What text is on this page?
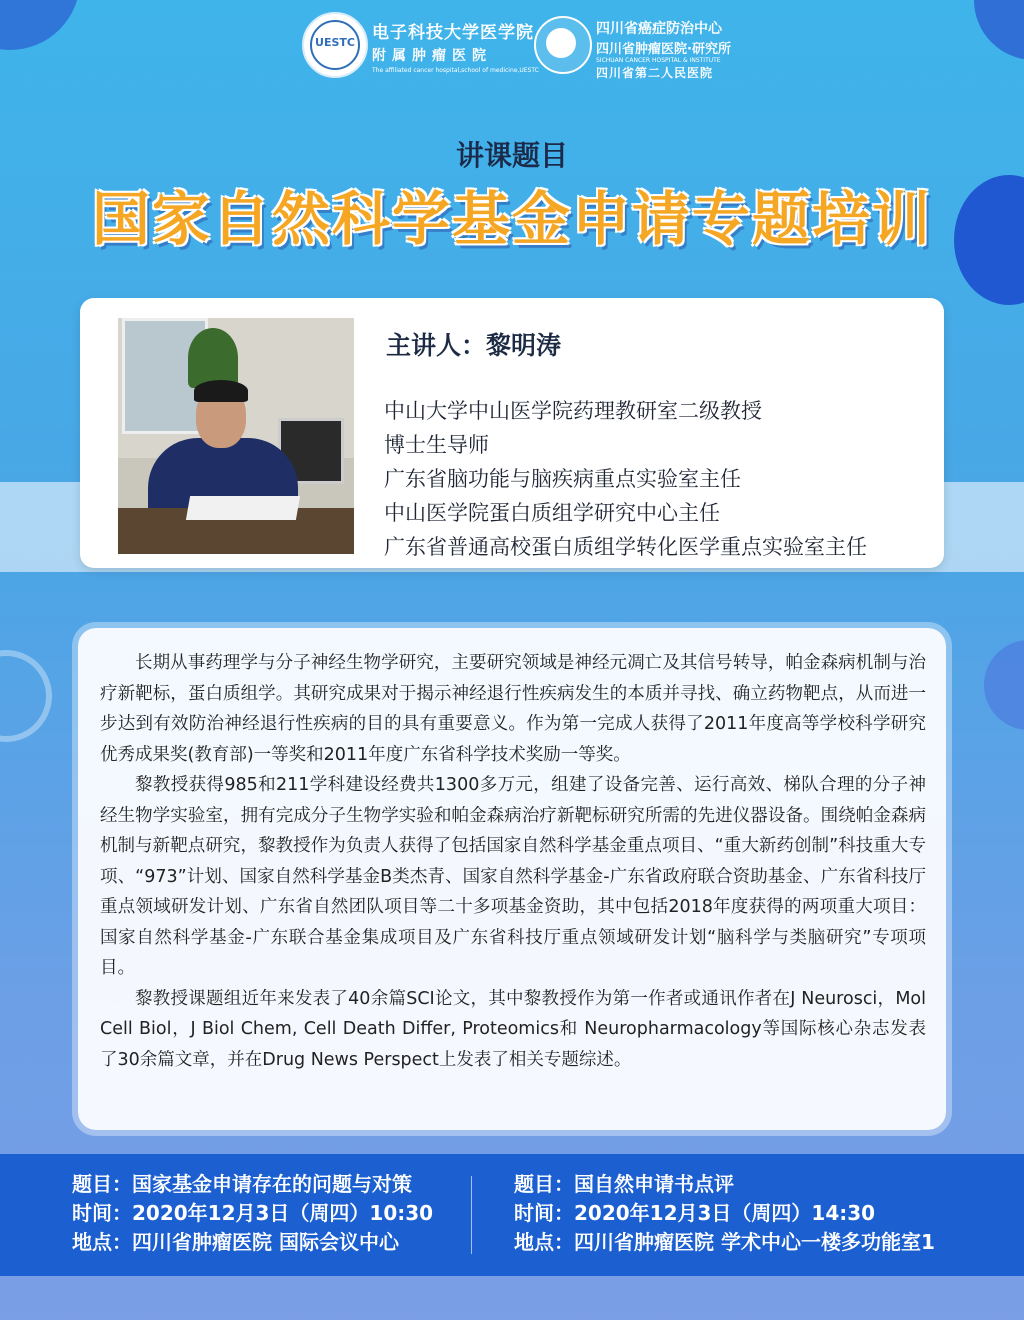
UESTC	电子科技大学医学院
附属肿瘤医院
The affiliated cancer hospital,school of medicine,UESTC
四川省癌症防治中心
四川省肿瘤医院·研究所
SICHUAN CANCER HOSPITAL & INSTITUTE
四川省第二人民医院
讲课题目
国家自然科学基金申请专题培训
主讲人：黎明涛
中山大学中山医学院药理教研室二级教授
博士生导师
广东省脑功能与脑疾病重点实验室主任
中山医学院蛋白质组学研究中心主任
广东省普通高校蛋白质组学转化医学重点实验室主任

长期从事药理学与分子神经生物学研究，主要研究领域是神经元凋亡及其信号转导，帕金森病机制与治疗新靶标，蛋白质组学。其研究成果对于揭示神经退行性疾病发生的本质并寻找、确立药物靶点，从而进一步达到有效防治神经退行性疾病的目的具有重要意义。作为第一完成人获得了2011年度高等学校科学研究优秀成果奖(教育部)一等奖和2011年度广东省科学技术奖励一等奖。

黎教授获得985和211学科建设经费共1300多万元，组建了设备完善、运行高效、梯队合理的分子神经生物学实验室，拥有完成分子生物学实验和帕金森病治疗新靶标研究所需的先进仪器设备。围绕帕金森病机制与新靶点研究，黎教授作为负责人获得了包括国家自然科学基金重点项目、“重大新药创制”科技重大专项、“973”计划、国家自然科学基金B类杰青、国家自然科学基金-广东省政府联合资助基金、广东省科技厅重点领域研发计划、广东省自然团队项目等二十多项基金资助，其中包括2018年度获得的两项重大项目：国家自然科学基金-广东联合基金集成项目及广东省科技厅重点领域研发计划“脑科学与类脑研究”专项项目。

黎教授课题组近年来发表了40余篇SCI论文，其中黎教授作为第一作者或通讯作者在J Neurosci，Mol Cell Biol，J Biol Chem, Cell Death Differ, Proteomics和 Neuropharmacology等国际核心杂志发表了30余篇文章，并在Drug News Perspect上发表了相关专题综述。

题目：国家基金申请存在的问题与对策
时间：2020年12月3日（周四）10:30
地点：四川省肿瘤医院 国际会议中心
题目：国自然申请书点评
时间：2020年12月3日（周四）14:30
地点：四川省肿瘤医院 学术中心一楼多功能室1
